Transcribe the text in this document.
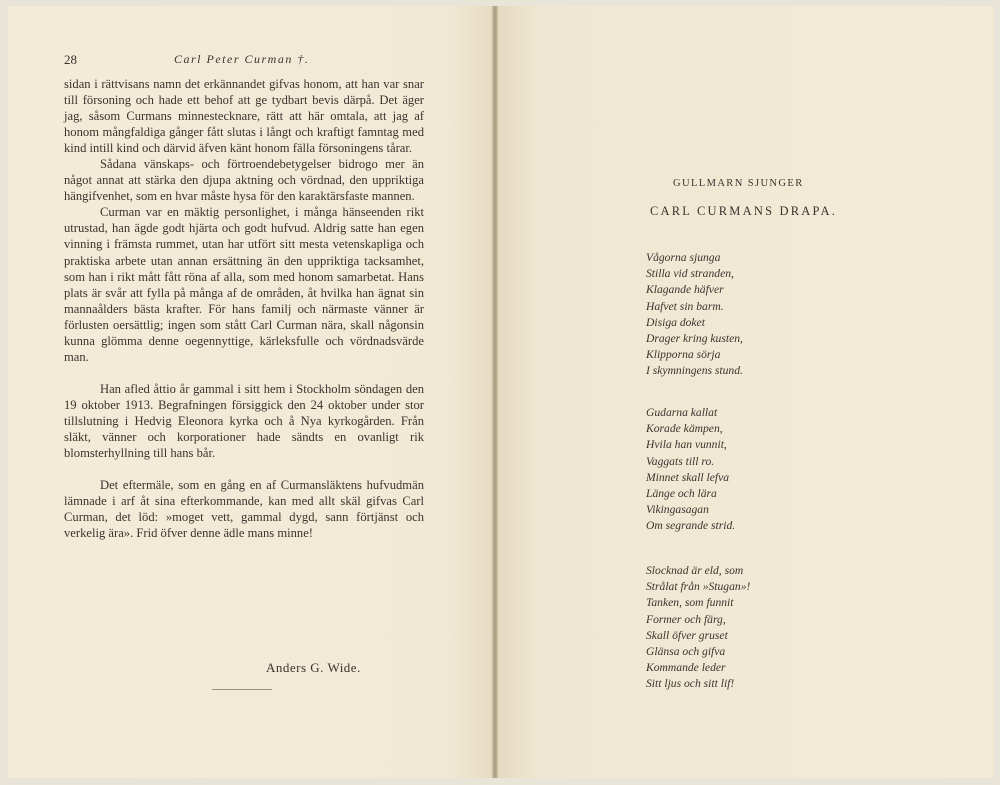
28	Carl Peter Curman †.

sidan i rättvisans namn det erkännandet gifvas honom, att han var snar till försoning och hade ett behof att ge tydbart bevis därpå. Det äger jag, såsom Curmans minnestecknare, rätt att här omtala, att jag af honom mångfaldiga gånger fått slutas i långt och kraftigt famntag med kind intill kind och därvid äfven känt honom fälla försoningens tårar.

Sådana vänskaps- och förtroendebetygelser bidrogo mer än något annat att stärka den djupa aktning och vördnad, den uppriktiga hängifvenhet, som en hvar måste hysa för den karaktärsfaste mannen.

Curman var en mäktig personlighet, i många hänseenden rikt utrustad, han ägde godt hjärta och godt hufvud. Aldrig satte han egen vinning i främsta rummet, utan har utfört sitt mesta vetenskapliga och praktiska arbete utan annan ersättning än den uppriktiga tacksamhet, som han i rikt mått fått röna af alla, som med honom samarbetat. Hans plats är svår att fylla på många af de områden, åt hvilka han ägnat sin mannaålders bästa krafter. För hans familj och närmaste vänner är förlusten oersättlig; ingen som stått Carl Curman nära, skall någonsin kunna glömma denne oegennyttige, kärleksfulle och vördnadsvärde man.

Han afled åttio år gammal i sitt hem i Stockholm söndagen den 19 oktober 1913. Begrafningen försiggick den 24 oktober under stor tillslutning i Hedvig Eleonora kyrka och å Nya kyrkogården. Från släkt, vänner och korporationer hade sändts en ovanligt rik blomsterhyllning till hans bår.

Det eftermäle, som en gång en af Curmansläktens hufvudmän lämnade i arf åt sina efterkommande, kan med allt skäl gifvas Carl Curman, det löd: »moget vett, gammal dygd, sann förtjänst och verkelig ära». Frid öfver denne ädle mans minne!

Anders G. Wide.
GULLMARN SJUNGER
CARL CURMANS DRAPA.
Vågorna sjunga
Stilla vid stranden,
Klagande häfver
Hafvet sin barm.
Disiga doket
Drager kring kusten,
Klipporna sörja
I skymningens stund.
Gudarna kallat
Korade kämpen,
Hvila han vunnit,
Vaggats till ro.
Minnet skall lefva
Länge och lära
Vikingasagan
Om segrande strid.
Slocknad är eld, som
Strålat från »Stugan»!
Tanken, som funnit
Former och färg,
Skall öfver gruset
Glänsa och gifva
Kommande leder
Sitt ljus och sitt lif!
